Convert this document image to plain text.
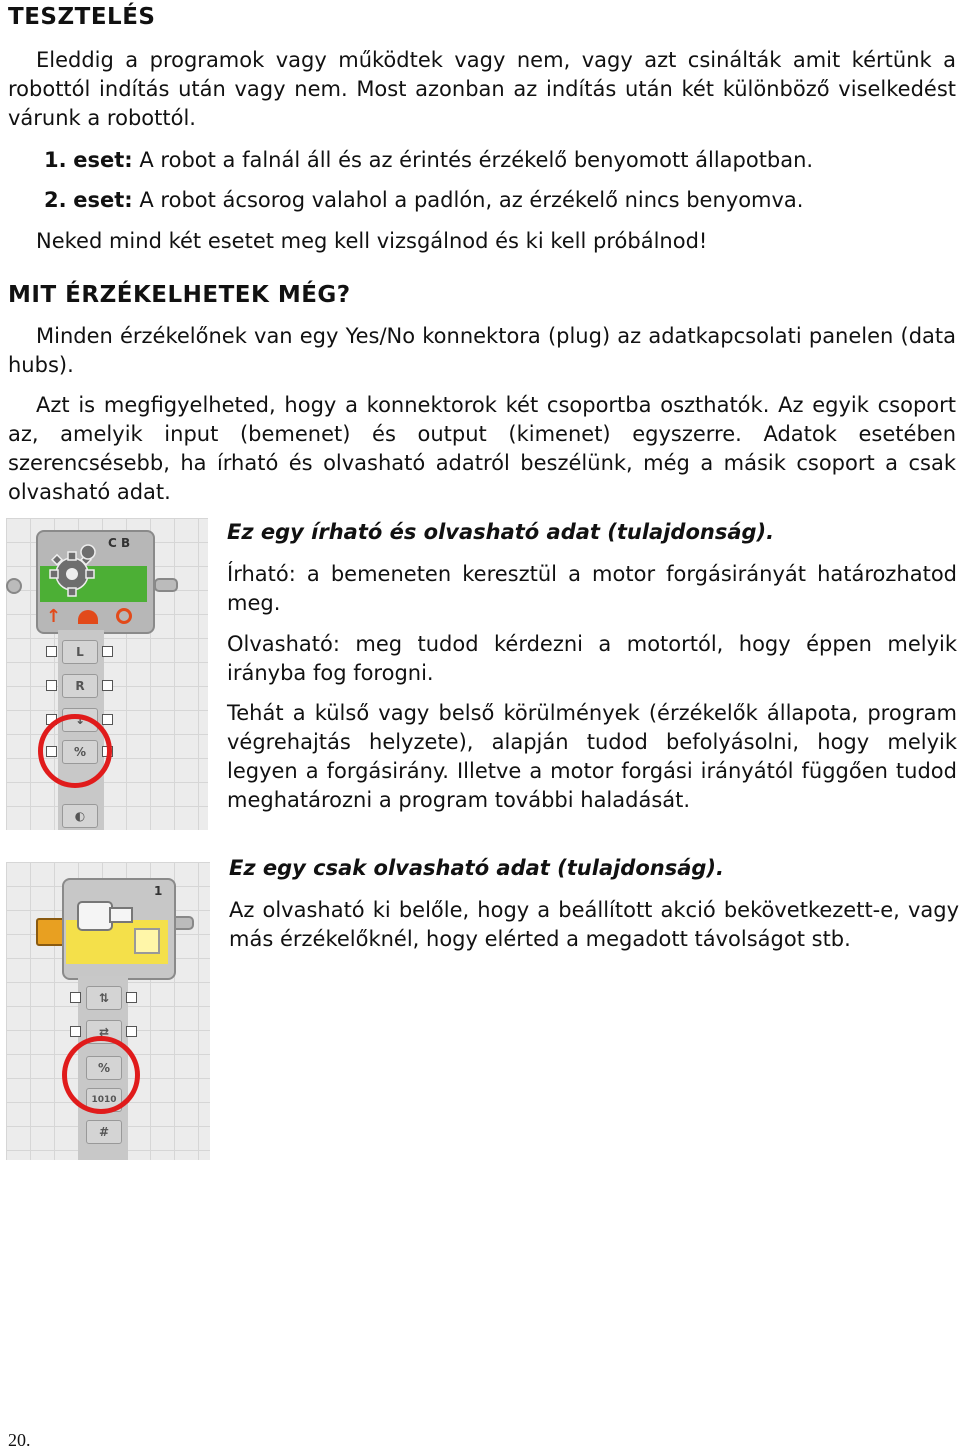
TESZTELÉS
Eleddig a programok vagy működtek vagy nem, vagy azt csinálták amit kértünk a robottól indítás után vagy nem. Most azonban az indítás után két különböző viselkedést várunk a robottól.
1. eset: A robot a falnál áll és az érintés érzékelő benyomott állapotban.
2. eset: A robot ácsorog valahol a padlón, az érzékelő nincs benyomva.
Neked mind két esetet meg kell vizsgálnod és ki kell próbálnod!
MIT ÉRZÉKELHETEK MÉG?
Minden érzékelőnek van egy Yes/No konnektora (plug) az adatkapcsolati panelen (data hubs).
Azt is megfigyelheted, hogy a konnektorok két csoportba oszthatók. Az egyik csoport az, amelyik input (bemenet) és output (kimenet) egyszerre. Adatok esetében szerencsésebb, ha írható és olvasható adatról beszélünk, még a másik csoport a csak olvasható adat.
C B
↑
L
R
↕
%
◐
Ez egy írható és olvasható adat (tulajdonság).
Írható: a bemeneten keresztül a motor forgásirányát határozhatod meg.
Olvasható: meg tudod kérdezni a motortól, hogy éppen melyik irányba fog forogni.
Tehát a külső vagy belső körülmények (érzékelők állapota, program végrehajtás helyzete), alapján tudod befolyásolni, hogy melyik legyen a forgásirány. Illetve a motor forgási irányától függően tudod meghatározni a program további haladását.
1
⇅
⇄
%
1010
#
Ez egy csak olvasható adat (tulajdonság).
Az olvasható ki belőle, hogy a beállított akció bekövetkezett-e, vagy más érzékelőknél, hogy elérted a megadott távolságot stb.
20.
